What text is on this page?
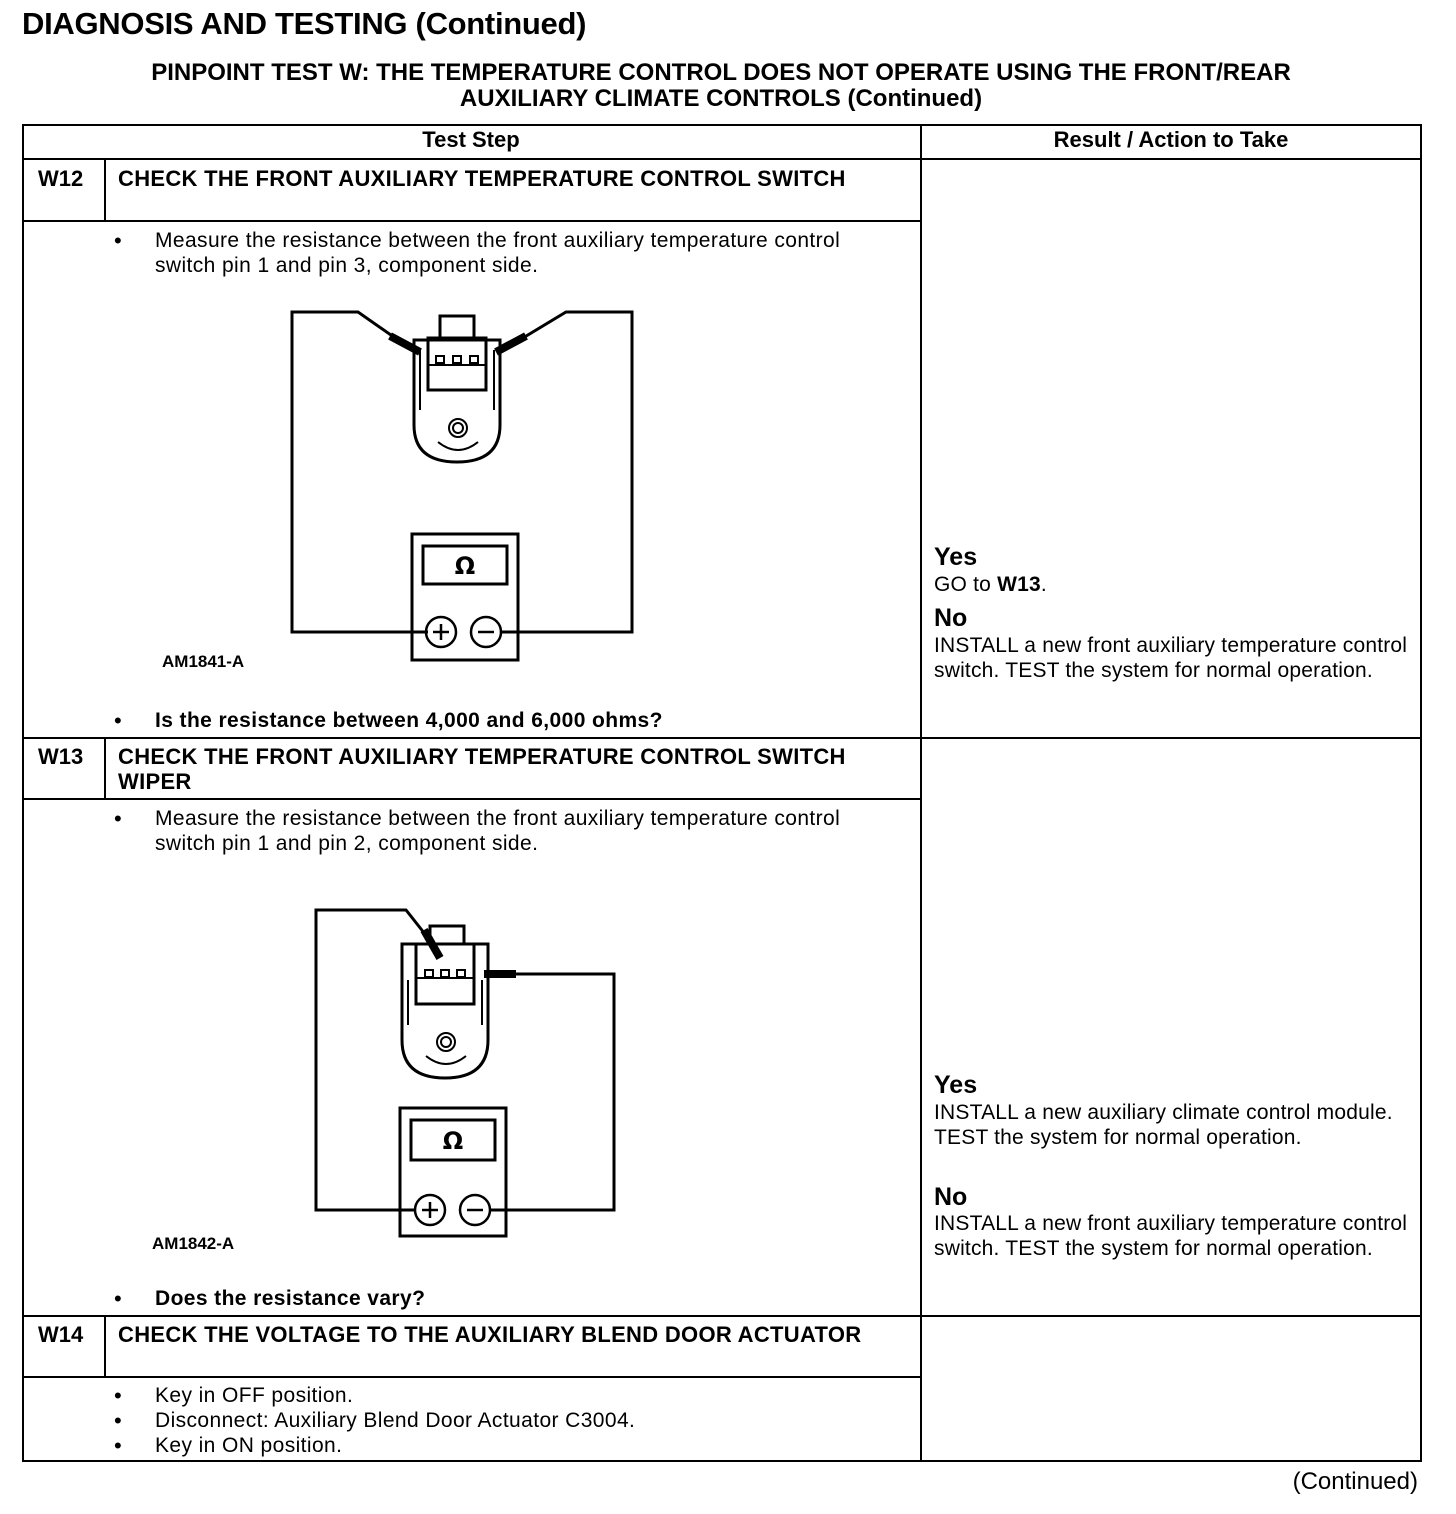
DIAGNOSIS AND TESTING (Continued)
PINPOINT TEST W: THE TEMPERATURE CONTROL DOES NOT OPERATE USING THE FRONT/REAR
AUXILIARY CLIMATE CONTROLS (Continued)
Test Step	Result / Action to Take
W12 CHECK THE FRONT AUXILIARY TEMPERATURE CONTROL SWITCH
• Measure the resistance between the front auxiliary temperature control switch pin 1 and pin 3, component side.
AM1841-A
• Is the resistance between 4,000 and 6,000 ohms?
Yes
GO to W13.
No
INSTALL a new front auxiliary temperature control switch. TEST the system for normal operation.
W13 CHECK THE FRONT AUXILIARY TEMPERATURE CONTROL SWITCH WIPER
• Measure the resistance between the front auxiliary temperature control switch pin 1 and pin 2, component side.
AM1842-A
• Does the resistance vary?
Yes
INSTALL a new auxiliary climate control module. TEST the system for normal operation.
No
INSTALL a new front auxiliary temperature control switch. TEST the system for normal operation.
W14 CHECK THE VOLTAGE TO THE AUXILIARY BLEND DOOR ACTUATOR
• Key in OFF position.
• Disconnect: Auxiliary Blend Door Actuator C3004.
• Key in ON position.
Ω
Ω
(Continued)
